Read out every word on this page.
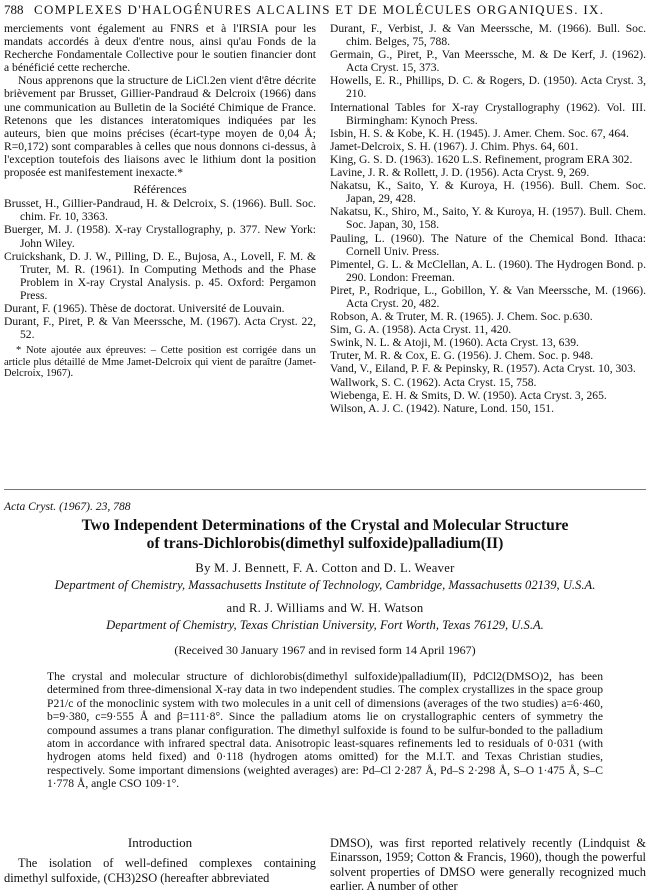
788 COMPLEXES D'HALOGÉNURES ALCALINS ET DE MOLÉCULES ORGANIQUES. IX.

merciements vont également au FNRS et à l'IRSIA pour les mandats accordés à deux d'entre nous, ainsi qu'au Fonds de la Recherche Fondamentale Collective pour le soutien financier dont a bénéficié cette recherche.

Nous apprenons que la structure de LiCl.2en vient d'être décrite brièvement par Brusset, Gillier-Pandraud & Delcroix (1966) dans une communication au Bulletin de la Société Chimique de France. Retenons que les distances interatomiques indiquées par les auteurs, bien que moins précises (écart-type moyen de 0,04 Å; R=0,172) sont comparables à celles que nous donnons ci-dessus, à l'exception toutefois des liaisons avec le lithium dont la position proposée est manifestement inexacte.*

Références

Brusset, H., Gillier-Pandraud, H. & Delcroix, S. (1966). Bull. Soc. chim. Fr. 10, 3363.

Buerger, M. J. (1958). X-ray Crystallography, p. 377. New York: John Wiley.

Cruickshank, D. J. W., Pilling, D. E., Bujosa, A., Lovell, F. M. & Truter, M. R. (1961). In Computing Methods and the Phase Problem in X-ray Crystal Analysis. p. 45. Oxford: Pergamon Press.

Durant, F. (1965). Thèse de doctorat. Université de Louvain.

Durant, F., Piret, P. & Van Meerssche, M. (1967). Acta Cryst. 22, 52.

* Note ajoutée aux épreuves: – Cette position est corrigée dans un article plus détaillé de Mme Jamet-Delcroix qui vient de paraître (Jamet-Delcroix, 1967).

Durant, F., Verbist, J. & Van Meerssche, M. (1966). Bull. Soc. chim. Belges, 75, 788.

Germain, G., Piret, P., Van Meerssche, M. & De Kerf, J. (1962). Acta Cryst. 15, 373.

Howells, E. R., Phillips, D. C. & Rogers, D. (1950). Acta Cryst. 3, 210.

International Tables for X-ray Crystallography (1962). Vol. III. Birmingham: Kynoch Press.

Isbin, H. S. & Kobe, K. H. (1945). J. Amer. Chem. Soc. 67, 464.

Jamet-Delcroix, S. H. (1967). J. Chim. Phys. 64, 601.

King, G. S. D. (1963). 1620 L.S. Refinement, program ERA 302.

Lavine, J. R. & Rollett, J. D. (1956). Acta Cryst. 9, 269.

Nakatsu, K., Saito, Y. & Kuroya, H. (1956). Bull. Chem. Soc. Japan, 29, 428.

Nakatsu, K., Shiro, M., Saito, Y. & Kuroya, H. (1957). Bull. Chem. Soc. Japan, 30, 158.

Pauling, L. (1960). The Nature of the Chemical Bond. Ithaca: Cornell Univ. Press.

Pimentel, G. L. & McClellan, A. L. (1960). The Hydrogen Bond. p. 290. London: Freeman.

Piret, P., Rodrique, L., Gobillon, Y. & Van Meerssche, M. (1966). Acta Cryst. 20, 482.

Robson, A. & Truter, M. R. (1965). J. Chem. Soc. p.630.

Sim, G. A. (1958). Acta Cryst. 11, 420.

Swink, N. L. & Atoji, M. (1960). Acta Cryst. 13, 639.

Truter, M. R. & Cox, E. G. (1956). J. Chem. Soc. p. 948.

Vand, V., Eiland, P. F. & Pepinsky, R. (1957). Acta Cryst. 10, 303.

Wallwork, S. C. (1962). Acta Cryst. 15, 758.

Wiebenga, E. H. & Smits, D. W. (1950). Acta Cryst. 3, 265.

Wilson, A. J. C. (1942). Nature, Lond. 150, 151.

Acta Cryst. (1967). 23, 788

Two Independent Determinations of the Crystal and Molecular Structure
of trans-Dichlorobis(dimethyl sulfoxide)palladium(II)
By M. J. Bennett, F. A. Cotton and D. L. Weaver
Department of Chemistry, Massachusetts Institute of Technology, Cambridge, Massachusetts 02139, U.S.A.
and R. J. Williams and W. H. Watson
Department of Chemistry, Texas Christian University, Fort Worth, Texas 76129, U.S.A.
(Received 30 January 1967 and in revised form 14 April 1967)
The crystal and molecular structure of dichlorobis(dimethyl sulfoxide)palladium(II), PdCl2(DMSO)2, has been determined from three-dimensional X-ray data in two independent studies. The complex crystallizes in the space group P21/c of the monoclinic system with two molecules in a unit cell of dimensions (averages of the two studies) a=6·460, b=9·380, c=9·555 Å and β=111·8°. Since the palladium atoms lie on crystallographic centers of symmetry the compound assumes a trans planar configuration. The dimethyl sulfoxide is found to be sulfur-bonded to the palladium atom in accordance with infrared spectral data. Anisotropic least-squares refinements led to residuals of 0·031 (with hydrogen atoms held fixed) and 0·118 (hydrogen atoms omitted) for the M.I.T. and Texas Christian studies, respectively. Some important dimensions (weighted averages) are: Pd–Cl 2·287 Å, Pd–S 2·298 Å, S–O 1·475 Å, S–C 1·778 Å, angle CSO 109·1°.

Introduction

The isolation of well-defined complexes containing dimethyl sulfoxide, (CH3)2SO (hereafter abbreviated

DMSO), was first reported relatively recently (Lindquist & Einarsson, 1959; Cotton & Francis, 1960), though the powerful solvent properties of DMSO were generally recognized much earlier. A number of other
